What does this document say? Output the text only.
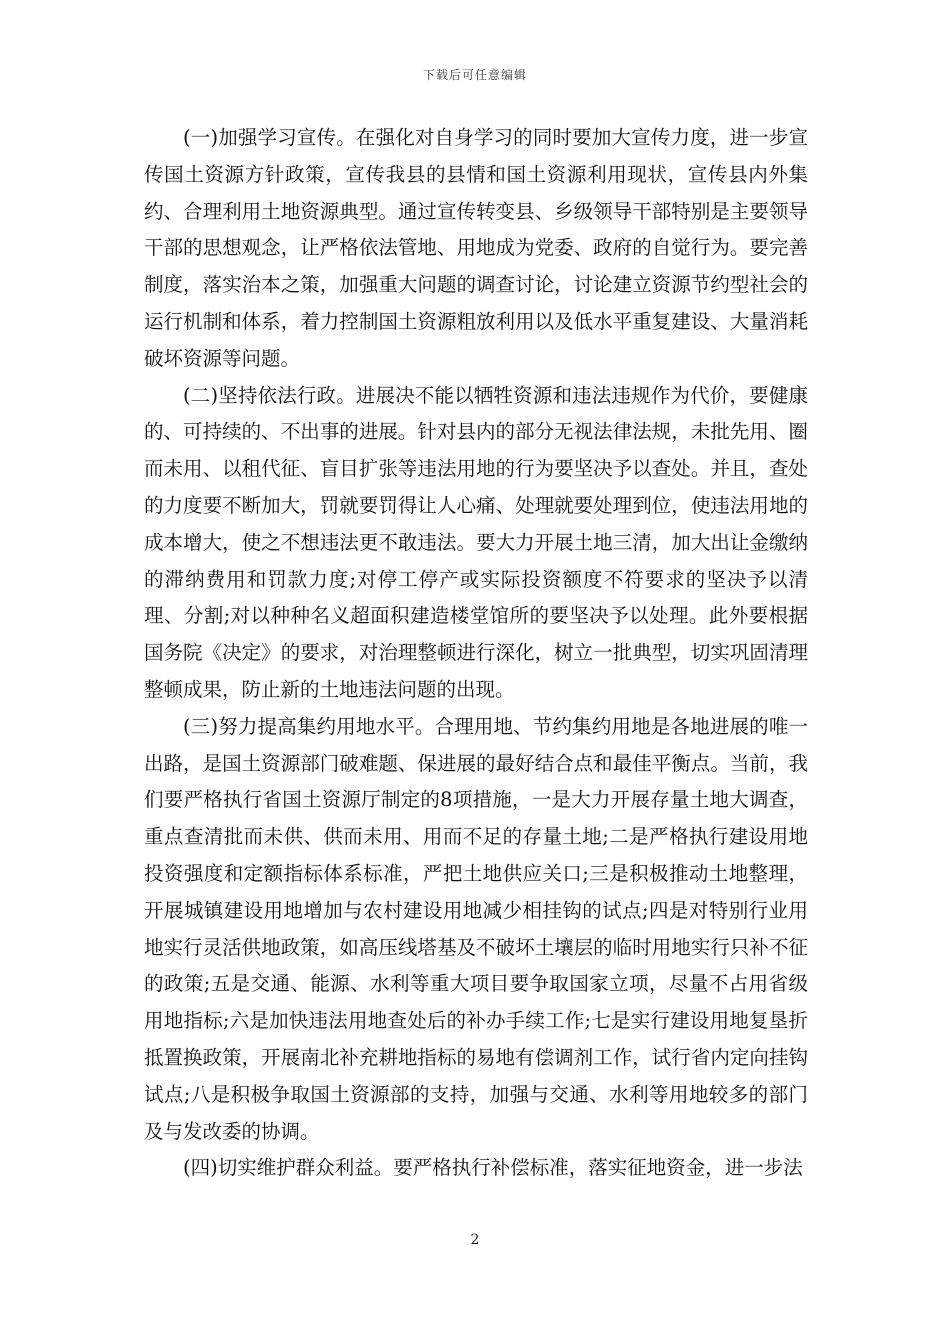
下载后可任意编辑

(一)加强学习宣传。在强化对自身学习的同时要加大宣传力度，进一步宣传国土资源方针政策，宣传我县的县情和国土资源利用现状，宣传县内外集约、合理利用土地资源典型。通过宣传转变县、乡级领导干部特别是主要领导干部的思想观念，让严格依法管地、用地成为党委、政府的自觉行为。要完善制度，落实治本之策，加强重大问题的调查讨论，讨论建立资源节约型社会的运行机制和体系，着力控制国土资源粗放利用以及低水平重复建设、大量消耗破坏资源等问题。

(二)坚持依法行政。进展决不能以牺牲资源和违法违规作为代价，要健康的、可持续的、不出事的进展。针对县内的部分无视法律法规，未批先用、圈而未用、以租代征、盲目扩张等违法用地的行为要坚决予以查处。并且，查处的力度要不断加大，罚就要罚得让人心痛、处理就要处理到位，使违法用地的成本增大，使之不想违法更不敢违法。要大力开展土地三清，加大出让金缴纳的滞纳费用和罚款力度;对停工停产或实际投资额度不符要求的坚决予以清理、分割;对以种种名义超面积建造楼堂馆所的要坚决予以处理。此外要根据国务院《决定》的要求，对治理整顿进行深化，树立一批典型，切实巩固清理整顿成果，防止新的土地违法问题的出现。

(三)努力提高集约用地水平。合理用地、节约集约用地是各地进展的唯一出路，是国土资源部门破难题、保进展的最好结合点和最佳平衡点。当前，我们要严格执行省国土资源厅制定的8项措施，一是大力开展存量土地大调查，重点查清批而未供、供而未用、用而不足的存量土地;二是严格执行建设用地投资强度和定额指标体系标准，严把土地供应关口;三是积极推动土地整理，开展城镇建设用地增加与农村建设用地减少相挂钩的试点;四是对特别行业用地实行灵活供地政策，如高压线塔基及不破坏土壤层的临时用地实行只补不征的政策;五是交通、能源、水利等重大项目要争取国家立项，尽量不占用省级用地指标;六是加快违法用地查处后的补办手续工作;七是实行建设用地复垦折抵置换政策，开展南北补充耕地指标的易地有偿调剂工作，试行省内定向挂钩试点;八是积极争取国土资源部的支持，加强与交通、水利等用地较多的部门及与发改委的协调。

(四)切实维护群众利益。要严格执行补偿标准，落实征地资金，进一步法

2
